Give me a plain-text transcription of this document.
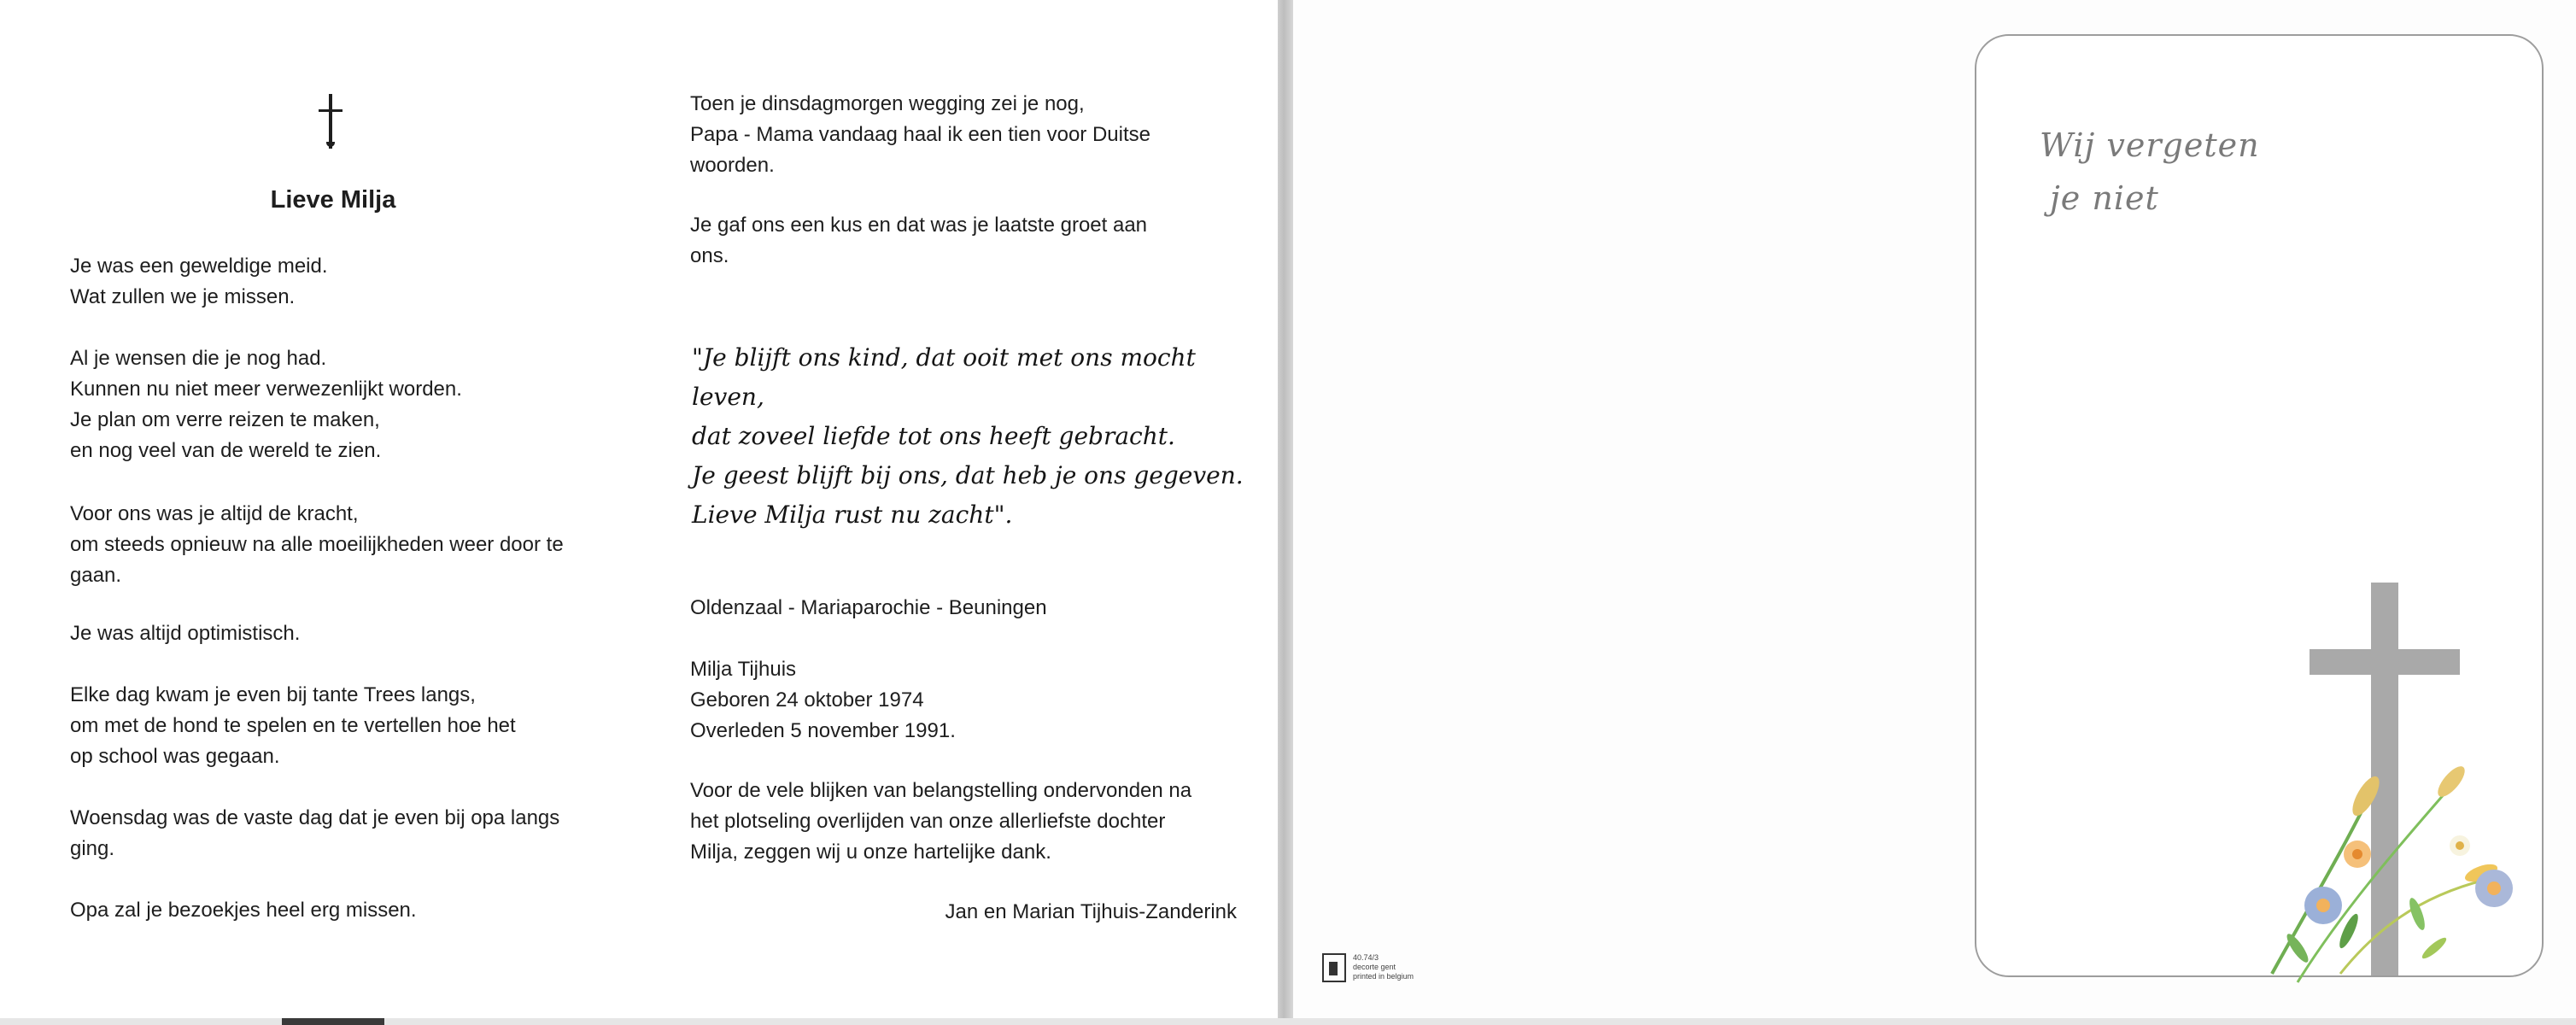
Lieve Milja

Je was een geweldige meid.
Wat zullen we je missen.

Al je wensen die je nog had.
Kunnen nu niet meer verwezenlijkt worden.
Je plan om verre reizen te maken,
en nog veel van de wereld te zien.

Voor ons was je altijd de kracht,
om steeds opnieuw na alle moeilijkheden weer door te
gaan.

Je was altijd optimistisch.

Elke dag kwam je even bij tante Trees langs,
om met de hond te spelen en te vertellen hoe het
op school was gegaan.

Woensdag was de vaste dag dat je even bij opa langs
ging.

Opa zal je bezoekjes heel erg missen.

Toen je dinsdagmorgen wegging zei je nog,
Papa - Mama vandaag haal ik een tien voor Duitse
woorden.

Je gaf ons een kus en dat was je laatste groet aan
ons.

"Je blijft ons kind, dat ooit met ons mocht
leven,
dat zoveel liefde tot ons heeft gebracht.
Je geest blijft bij ons, dat heb je ons gegeven.
Lieve Milja rust nu zacht".

Oldenzaal - Mariaparochie - Beuningen

Milja Tijhuis
Geboren 24 oktober 1974
Overleden 5 november 1991.

Voor de vele blijken van belangstelling ondervonden na
het plotseling overlijden van onze allerliefste dochter
Milja, zeggen wij u onze hartelijke dank.

Jan en Marian Tijhuis-Zanderink
Wij vergeten
je niet
40.74/3
decorte gent
printed in belgium
